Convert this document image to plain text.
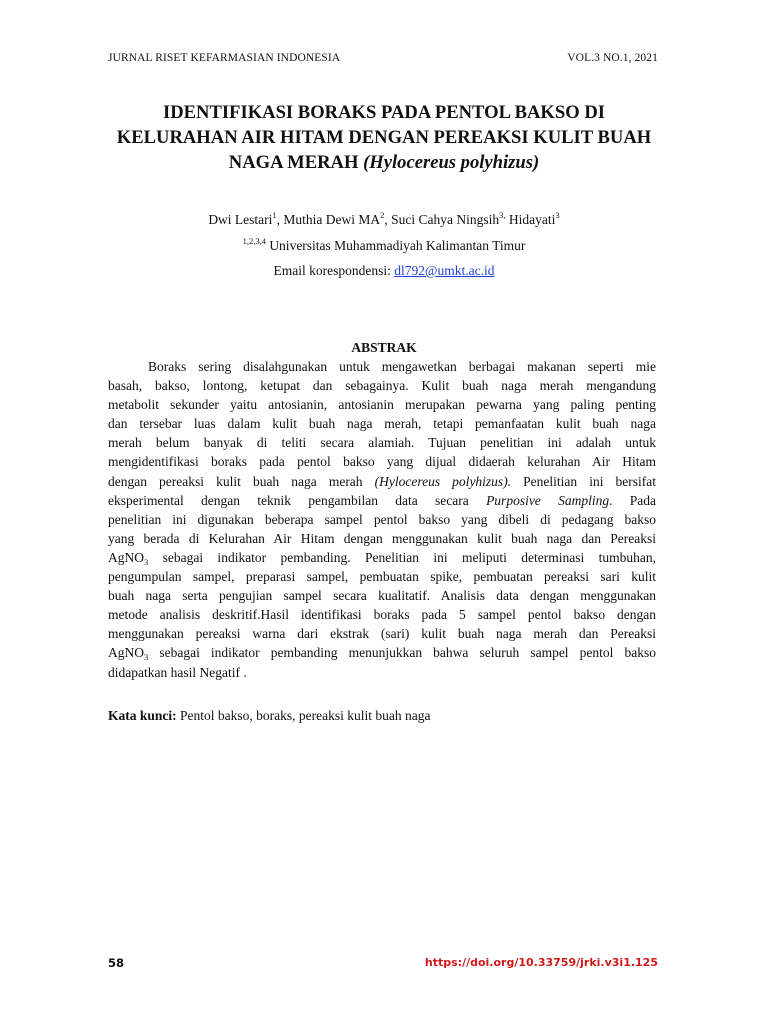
JURNAL RISET KEFARMASIAN INDONESIA	VOL.3 NO.1, 2021
IDENTIFIKASI BORAKS PADA PENTOL BAKSO DI
KELURAHAN AIR HITAM DENGAN PEREAKSI KULIT BUAH
NAGA MERAH (Hylocereus polyhizus)
Dwi Lestari$^1$, Muthia Dewi $MA^2$, Suci Cahya Ningsih$^{3,}$ Hidayati$^3$
$^{1,2,3,4}$ Universitas Muhammadiyah Kalimantan Timur
Email korespondensi: dl792@umkt.ac.id
ABSTRAK
Boraks sering disalahgunakan untuk mengawetkan berbagai makanan seperti mie
basah, bakso, lontong, ketupat dan sebagainya. Kulit buah naga merah mengandung
metabolit sekunder yaitu antosianin, antosianin merupakan pewarna yang paling penting
dan tersebar luas dalam kulit buah naga merah, tetapi pemanfaatan kulit buah naga
merah belum banyak di teliti secara alamiah. Tujuan penelitian ini adalah untuk
mengidentifikasi boraks pada pentol bakso yang dijual didaerah kelurahan Air Hitam
dengan pereaksi kulit buah naga merah (Hylocereus polyhizus). Penelitian ini bersifat
eksperimental dengan teknik pengambilan data secara Purposive Sampling. Pada
penelitian ini digunakan beberapa sampel pentol bakso yang dibeli di pedagang bakso
yang berada di Kelurahan Air Hitam dengan menggunakan kulit buah naga dan Pereaksi
AgNO$_3$ sebagai indikator pembanding. Penelitian ini meliputi determinasi tumbuhan,
pengumpulan sampel, preparasi sampel, pembuatan spike, pembuatan pereaksi sari kulit
buah naga serta pengujian sampel secara kualitatif. Analisis data dengan menggunakan
metode analisis deskritif.Hasil identifikasi boraks pada 5 sampel pentol bakso dengan
menggunakan pereaksi warna dari ekstrak (sari) kulit buah naga merah dan Pereaksi
AgNO$_3$ sebagai indikator pembanding menunjukkan bahwa seluruh sampel pentol bakso
didapatkan hasil Negatif .
Kata kunci: Pentol bakso, boraks, pereaksi kulit buah naga
58	https://doi.org/10.33759/jrki.v3i1.125
